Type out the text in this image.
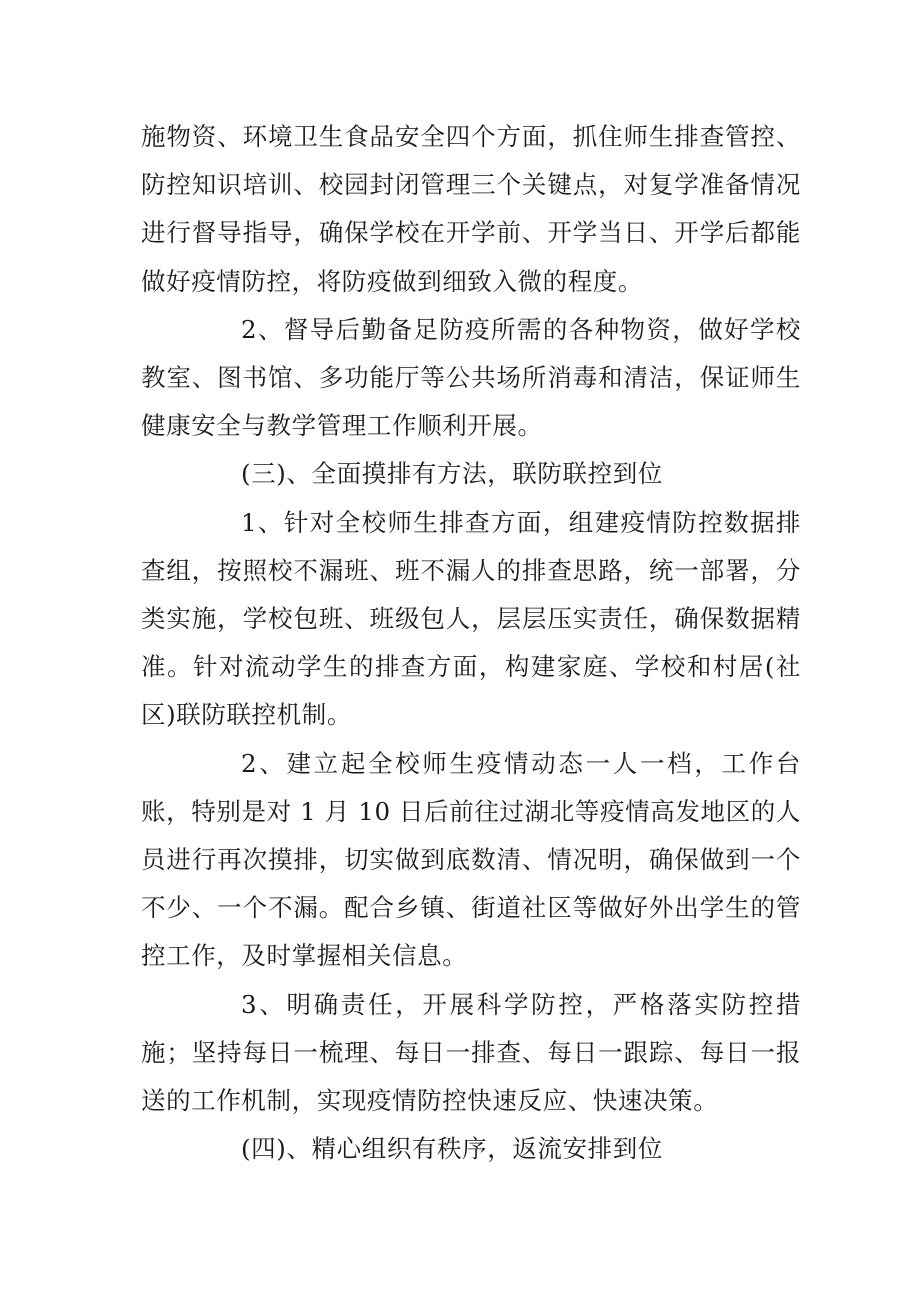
施物资、环境卫生食品安全四个方面，抓住师生排查管控、防控知识培训、校园封闭管理三个关键点，对复学准备情况进行督导指导，确保学校在开学前、开学当日、开学后都能做好疫情防控，将防疫做到细致入微的程度。

2、督导后勤备足防疫所需的各种物资，做好学校教室、图书馆、多功能厅等公共场所消毒和清洁，保证师生健康安全与教学管理工作顺利开展。

(三)、全面摸排有方法，联防联控到位

1、针对全校师生排查方面，组建疫情防控数据排查组，按照校不漏班、班不漏人的排查思路，统一部署，分类实施，学校包班、班级包人，层层压实责任，确保数据精准。针对流动学生的排查方面，构建家庭、学校和村居(社区)联防联控机制。

2、建立起全校师生疫情动态一人一档，工作台账，特别是对 1 月 10 日后前往过湖北等疫情高发地区的人员进行再次摸排，切实做到底数清、情况明，确保做到一个不少、一个不漏。配合乡镇、街道社区等做好外出学生的管控工作，及时掌握相关信息。

3、明确责任，开展科学防控，严格落实防控措施；坚持每日一梳理、每日一排查、每日一跟踪、每日一报送的工作机制，实现疫情防控快速反应、快速决策。

(四)、精心组织有秩序，返流安排到位
